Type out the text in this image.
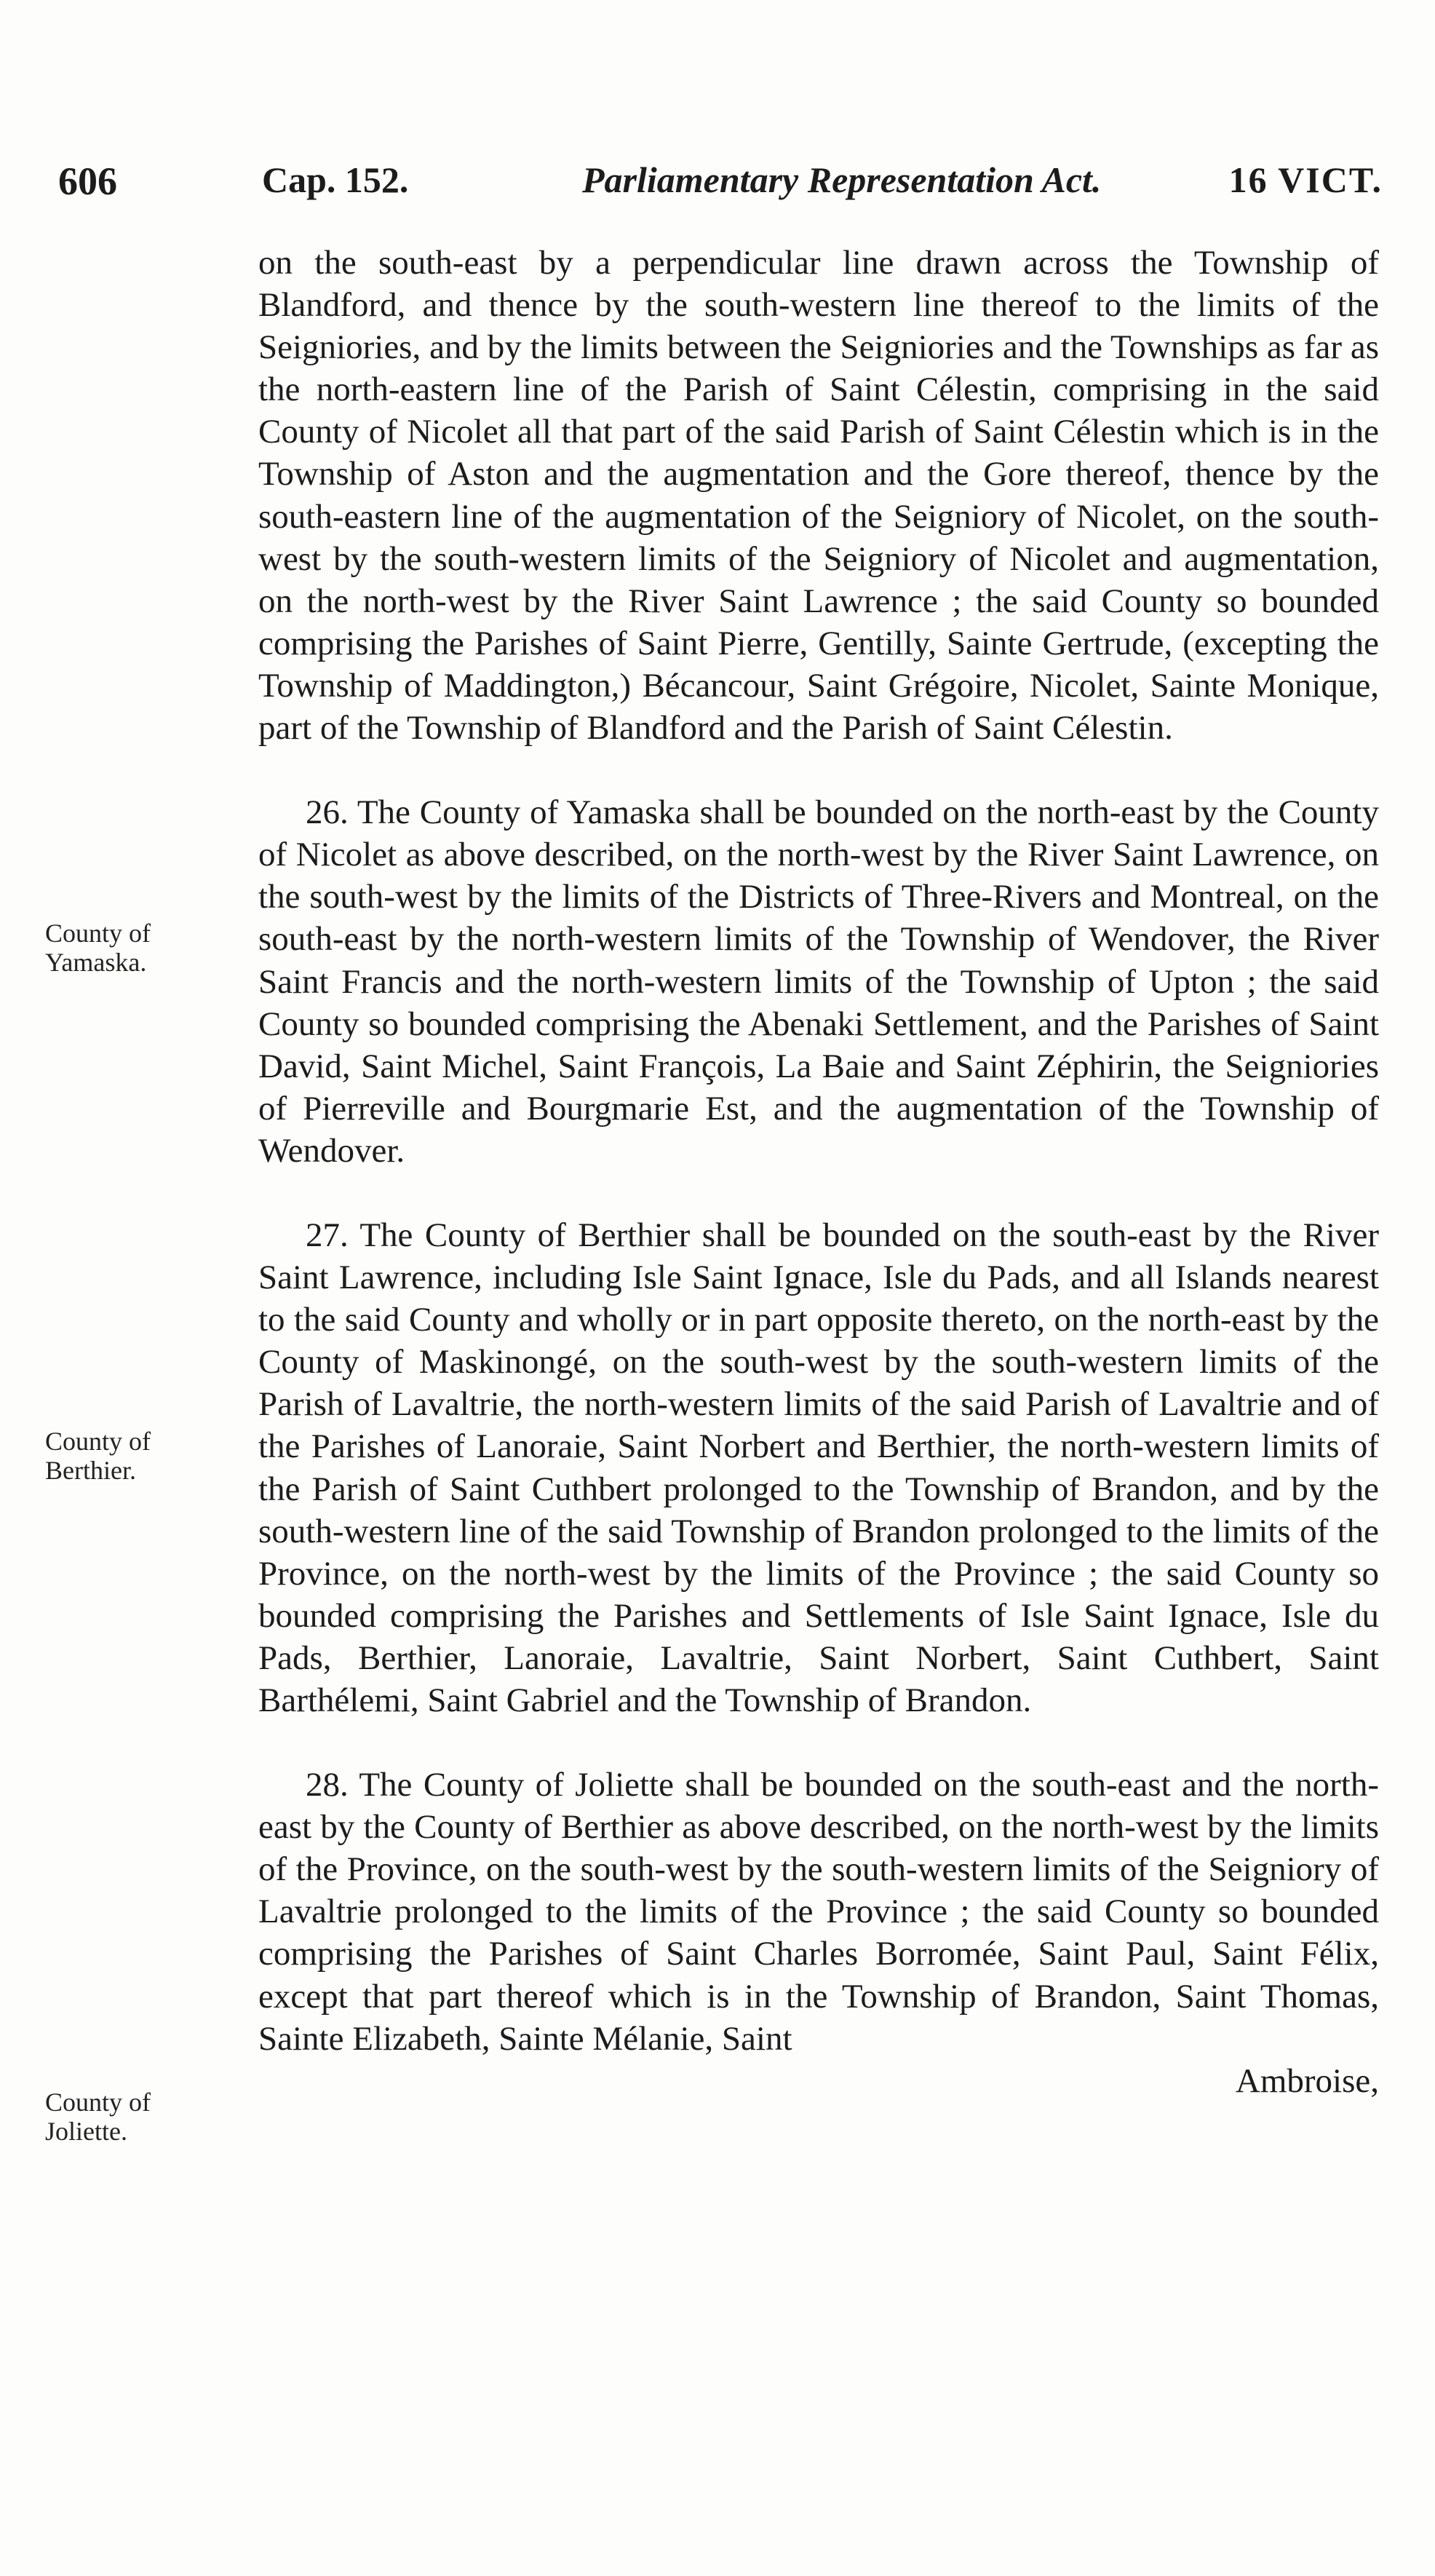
606	Cap. 152.	Parliamentary Representation Act.	16 VICT.
County of
Yamaska.
County of
Berthier.
County of
Joliette.

on the south-east by a perpendicular line drawn across the Township of Blandford, and thence by the south-western line thereof to the limits of the Seigniories, and by the limits between the Seigniories and the Townships as far as the north-eastern line of the Parish of Saint Célestin, comprising in the said County of Nicolet all that part of the said Parish of Saint Célestin which is in the Township of Aston and the augmentation and the Gore thereof, thence by the south-eastern line of the augmentation of the Seigniory of Nicolet, on the south-west by the south-western limits of the Seigniory of Nicolet and augmentation, on the north-west by the River Saint Lawrence ; the said County so bounded comprising the Parishes of Saint Pierre, Gentilly, Sainte Gertrude, (excepting the Township of Maddington,) Bécancour, Saint Grégoire, Nicolet, Sainte Monique, part of the Township of Blandford and the Parish of Saint Célestin.

26. The County of Yamaska shall be bounded on the north-east by the County of Nicolet as above described, on the north-west by the River Saint Lawrence, on the south-west by the limits of the Districts of Three-Rivers and Montreal, on the south-east by the north-western limits of the Township of Wendover, the River Saint Francis and the north-western limits of the Township of Upton ; the said County so bounded comprising the Abenaki Settlement, and the Parishes of Saint David, Saint Michel, Saint François, La Baie and Saint Zéphirin, the Seigniories of Pierreville and Bourgmarie Est, and the augmentation of the Township of Wendover.

27. The County of Berthier shall be bounded on the south-east by the River Saint Lawrence, including Isle Saint Ignace, Isle du Pads, and all Islands nearest to the said County and wholly or in part opposite thereto, on the north-east by the County of Maskinongé, on the south-west by the south-western limits of the Parish of Lavaltrie, the north-western limits of the said Parish of Lavaltrie and of the Parishes of Lanoraie, Saint Norbert and Berthier, the north-western limits of the Parish of Saint Cuthbert prolonged to the Township of Brandon, and by the south-western line of the said Township of Brandon prolonged to the limits of the Province, on the north-west by the limits of the Province ; the said County so bounded comprising the Parishes and Settlements of Isle Saint Ignace, Isle du Pads, Berthier, Lanoraie, Lavaltrie, Saint Norbert, Saint Cuthbert, Saint Barthélemi, Saint Gabriel and the Township of Brandon.

28. The County of Joliette shall be bounded on the south-east and the north-east by the County of Berthier as above described, on the north-west by the limits of the Province, on the south-west by the south-western limits of the Seigniory of Lavaltrie prolonged to the limits of the Province ; the said County so bounded comprising the Parishes of Saint Charles Borromée, Saint Paul, Saint Félix, except that part thereof which is in the Township of Brandon, Saint Thomas, Sainte Elizabeth, Sainte Mélanie, Saint

Ambroise,
